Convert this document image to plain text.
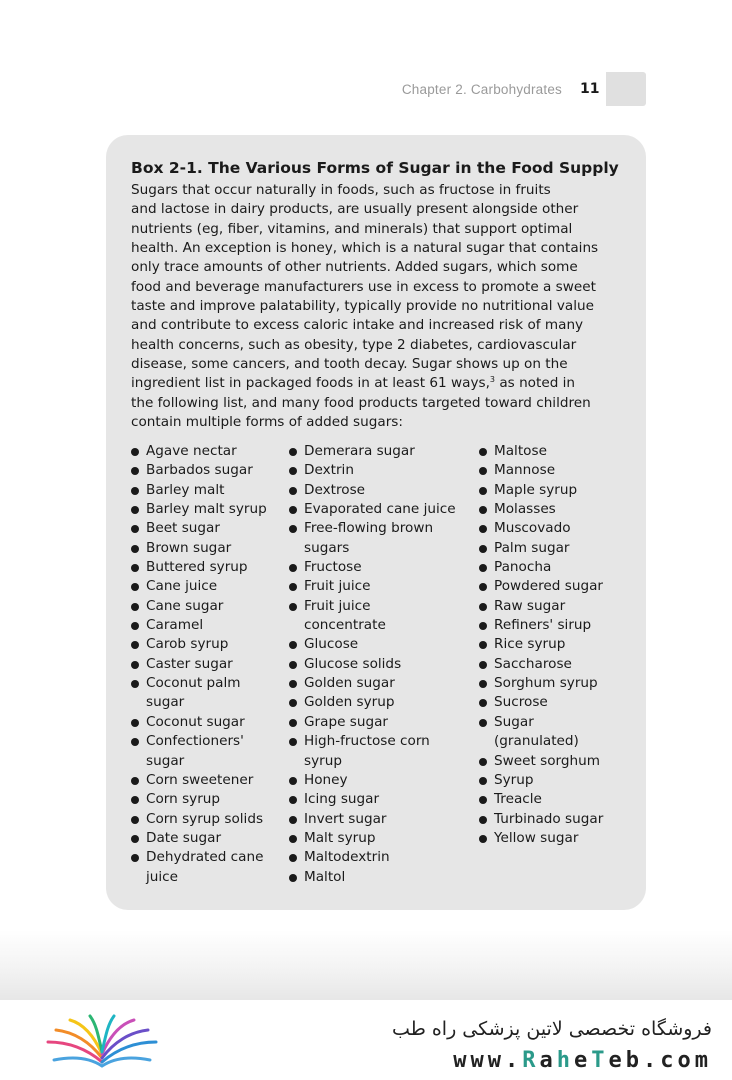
Chapter 2. Carbohydrates 11
Box 2-1. The Various Forms of Sugar in the Food Supply
Sugars that occur naturally in foods, such as fructose in fruits
and lactose in dairy products, are usually present alongside other
nutrients (eg, fiber, vitamins, and minerals) that support optimal
health. An exception is honey, which is a natural sugar that contains
only trace amounts of other nutrients. Added sugars, which some
food and beverage manufacturers use in excess to promote a sweet
taste and improve palatability, typically provide no nutritional value
and contribute to excess caloric intake and increased risk of many
health concerns, such as obesity, type 2 diabetes, cardiovascular
disease, some cancers, and tooth decay. Sugar shows up on the
ingredient list in packaged foods in at least 61 ways,$^3$ as noted in
the following list, and many food products targeted toward children
contain multiple forms of added sugars:
Agave nectar
Barbados sugar
Barley malt
Barley malt syrup
Beet sugar
Brown sugar
Buttered syrup
Cane juice
Cane sugar
Caramel
Carob syrup
Caster sugar
Coconut palm
sugar
Coconut sugar
Confectioners'
sugar
Corn sweetener
Corn syrup
Corn syrup solids
Date sugar
Dehydrated cane
juice
Demerara sugar
Dextrin
Dextrose
Evaporated cane juice
Free-flowing brown
sugars
Fructose
Fruit juice
Fruit juice
concentrate
Glucose
Glucose solids
Golden sugar
Golden syrup
Grape sugar
High-fructose corn
syrup
Honey
Icing sugar
Invert sugar
Malt syrup
Maltodextrin
Maltol
Maltose
Mannose
Maple syrup
Molasses
Muscovado
Palm sugar
Panocha
Powdered sugar
Raw sugar
Refiners' sirup
Rice syrup
Saccharose
Sorghum syrup
Sucrose
Sugar
(granulated)
Sweet sorghum
Syrup
Treacle
Turbinado sugar
Yellow sugar
فروشگاه تخصصی لاتین پزشکی راه طب
www.RaheTeb.com
